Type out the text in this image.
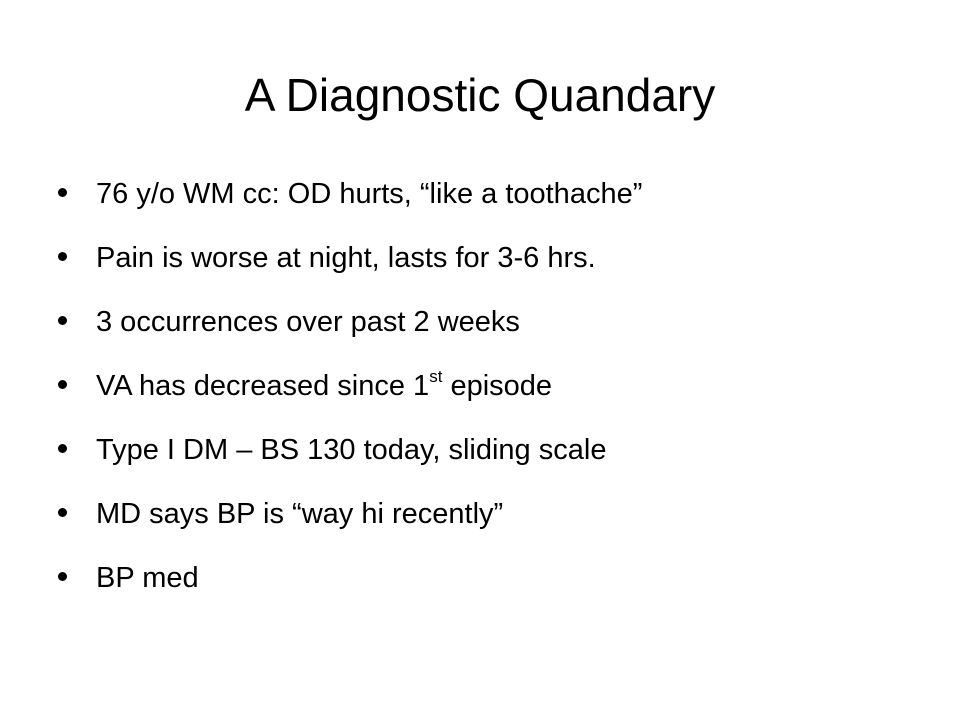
A Diagnostic Quandary
76 y/o WM cc: OD hurts, “like a toothache”
Pain is worse at night, lasts for 3-6 hrs.
3 occurrences over past 2 weeks
VA has decreased since 1st episode
Type I DM – BS 130 today, sliding scale
MD says BP is “way hi recently”
BP med
